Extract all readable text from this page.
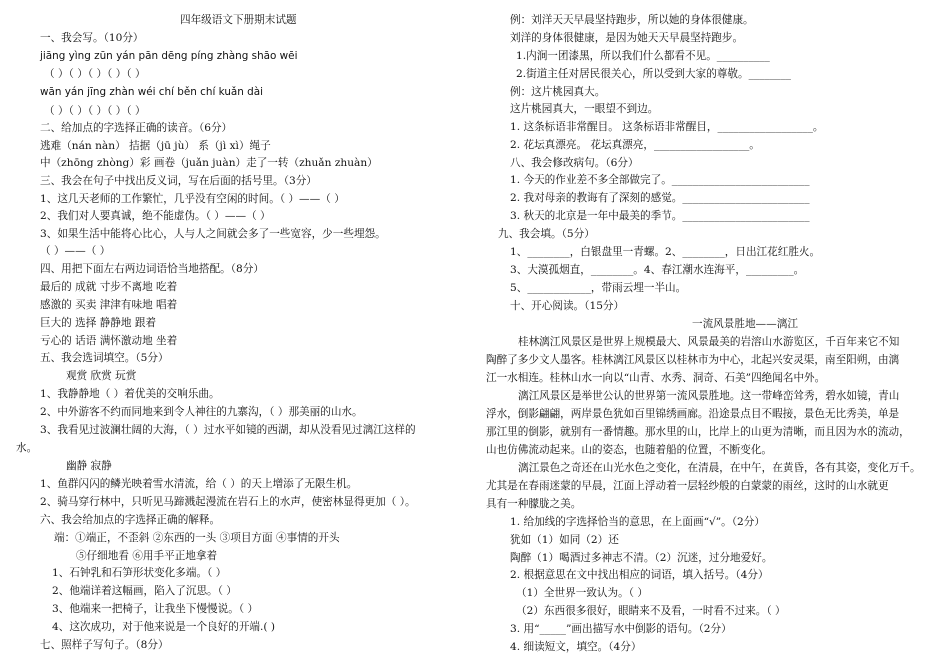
四年级语文下册期末试题
一、我会写。（10分）
jiāng yìng zūn yán pān dēng píng zhàng shāo wēi
（ ）（ ）（ ）（ ）（ ）
wān yán jīng zhàn wéi chí běn chí kuǎn dài
（ ）（ ）（ ）（ ）（ ）
二、给加点的字选择正确的读音。（6分）
逃难（nán nàn） 拮据（jū jù） 系（jì xì）绳子
中（zhōng zhòng）彩 画卷（juǎn juàn）走了一转（zhuǎn zhuàn）
三、我会在句子中找出反义词，写在后面的括号里。（3分）
1、这几天老师的工作繁忙，几乎没有空闲的时间。（ ）——（ ）
2、我们对人要真诚，绝不能虚伪。（ ）——（ ）
3、如果生活中能将心比心，人与人之间就会多了一些宽容，少一些埋怨。
（ ）——（ ）
四、用把下面左右两边词语恰当地搭配。（8分）
最后的 成就 寸步不离地 吃着
感激的 买卖 津津有味地 唱着
巨大的 选择 静静地 跟着
亏心的 话语 满怀激动地 坐着
五、我会选词填空。（5分）
观赏 欣赏 玩赏
1、我静静地（ ）着优美的交响乐曲。
2、中外游客不约而同地来到令人神往的九寨沟，（ ）那美丽的山水。
3、我看见过波澜壮阔的大海，（ ）过水平如镜的西湖，却从没看见过漓江这样的
水。
幽静 寂静
1、鱼群闪闪的鳞光映着雪水清流，给（ ）的天上增添了无限生机。
2、骑马穿行林中，只听见马蹄溅起漫流在岩石上的水声，使密林显得更加（ ）。
六、我会给加点的字选择正确的解释。
端：①端正，不歪斜 ②东西的一头 ③项目方面 ④事情的开头
⑤仔细地看 ⑥用手平正地拿着
1、石钟乳和石笋形状变化多端。（ ）
2、他端详着这幅画，陷入了沉思。（ ）
3、他端来一把椅子，让我坐下慢慢说。（ ）
4、这次成功，对于他来说是一个良好的开端.( )
七、照样子写句子。（8分）
例：刘洋天天早晨坚持跑步，所以她的身体很健康。
刘洋的身体很健康，是因为她天天早晨坚持跑步。
1.内涧一团漆黑，所以我们什么都看不见。__________
2.街道主任对居民很关心，所以受到大家的尊敬。________
例：这片桃园真大。
这片桃园真大，一眼望不到边。
1. 这条标语非常醒目。 这条标语非常醒目，__________________。
2. 花坛真漂亮。 花坛真漂亮，__________________。
八、我会修改病句。（6分）
1. 今天的作业差不多全部做完了。__________________________
2. 我对母亲的教诲有了深刻的感觉。________________________
3. 秋天的北京是一年中最美的季节。________________________
九、我会填。（5分）
1、________，白银盘里一青螺。2、________，日出江花红胜火。
3、大漠孤烟直，________。4、春江潮水连海平，_________。
5、____________，带雨云埋一半山。
十、开心阅读。（15分）
一流风景胜地——漓江
桂林漓江风景区是世界上规模最大、风景最美的岩溶山水游览区，千百年来它不知
陶醉了多少文人墨客。桂林漓江风景区以桂林市为中心，北起兴安灵渠，南至阳朔，由漓
江一水相连。桂林山水一向以“山青、水秀、洞奇、石美”四绝闻名中外。
漓江风景区是举世公认的世界第一流风景胜地。这一带峰峦耸秀，碧水如镜，青山
浮水，倒影翩翩，两岸景色犹如百里锦绣画廊。沿途景点目不暇接，景色无比秀美，单是
那江里的倒影，就别有一番情趣。那水里的山，比岸上的山更为清晰，而且因为水的流动，
山也仿佛流动起来。山的姿态，也随着船的位置，不断变化。
漓江景色之奇还在山光水色之变化，在清晨，在中午，在黄昏，各有其姿，变化万千。
尤其是在春雨迷蒙的早晨，江面上浮动着一层轻纱般的白蒙蒙的雨丝，这时的山水就更
具有一种朦胧之美。
1. 给加线的字选择恰当的意思，在上面画“√”。（2分）
犹如（1）如同（2）还
陶醉（1）喝酒过多神志不清。（2）沉迷，过分地爱好。
2. 根据意思在文中找出相应的词语，填入括号。（4分）
（1）全世界一致认为。（ ）
（2）东西很多很好，眼睛来不及看，一时看不过来。（ ）
3. 用“_____”画出描写水中倒影的语句。（2分）
4. 细读短文，填空。（4分）
